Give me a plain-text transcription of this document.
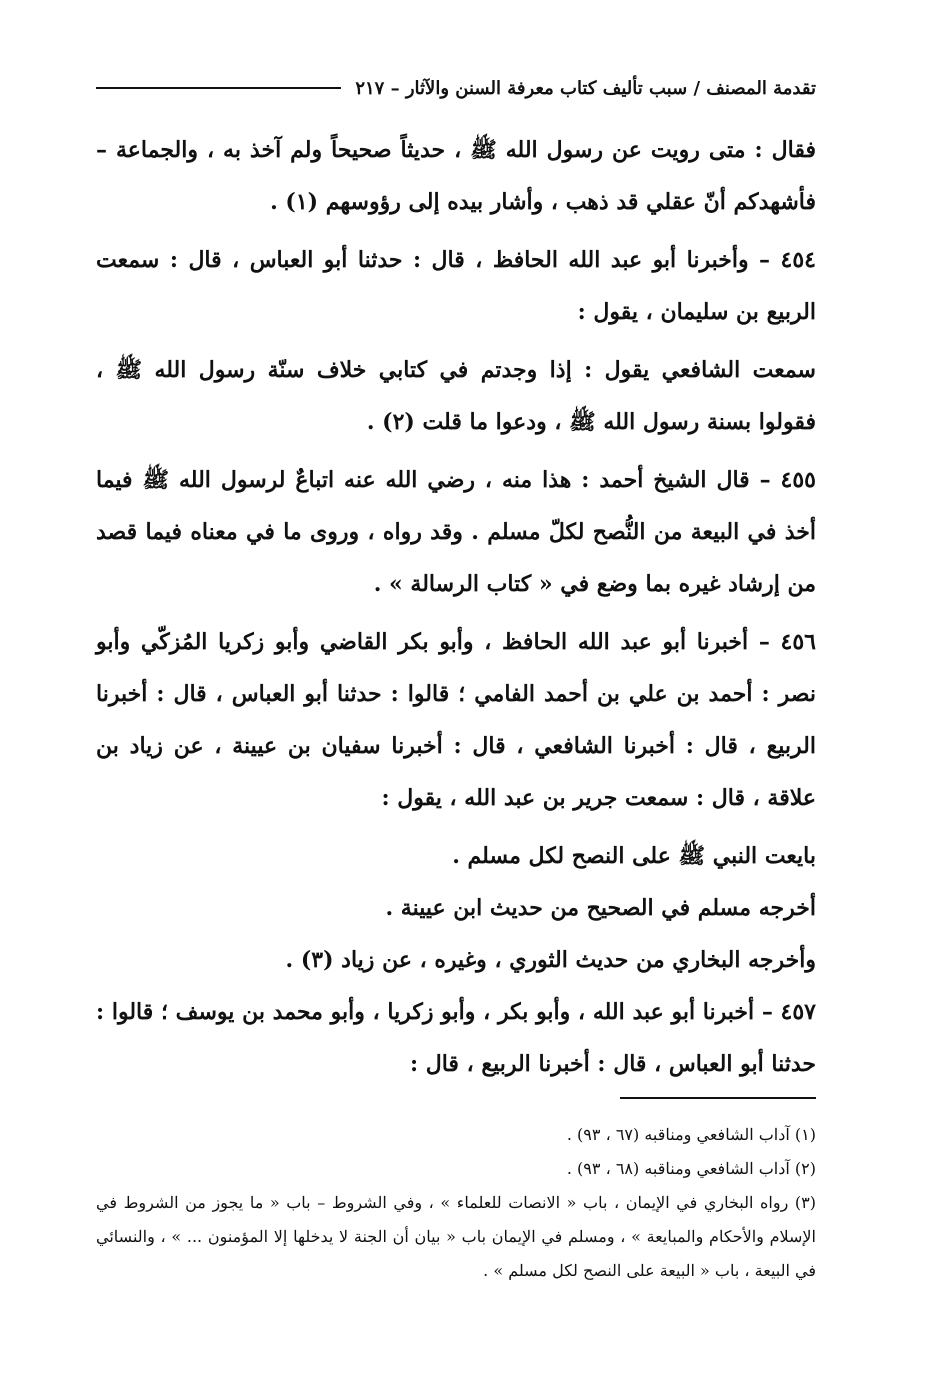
تقدمة المصنف / سبب تأليف كتاب معرفة السنن والآثار – ٢١٧

فقال : متى رويت عن رسول الله ﷺ ، حديثاً صحيحاً ولم آخذ به ، والجماعة – فأشهدكم أنّ عقلي قد ذهب ، وأشار بيده إلى رؤوسهم (١) .

٤٥٤ – وأخبرنا أبو عبد الله الحافظ ، قال : حدثنا أبو العباس ، قال : سمعت الربيع بن سليمان ، يقول :

سمعت الشافعي يقول : إذا وجدتم في كتابي خلاف سنّة رسول الله ﷺ ، فقولوا بسنة رسول الله ﷺ ، ودعوا ما قلت (٢) .

٤٥٥ – قال الشيخ أحمد : هذا منه ، رضي الله عنه اتباعٌ لرسول الله ﷺ فيما أخذ في البيعة من النُّصح لكلّ مسلم . وقد رواه ، وروى ما في معناه فيما قصد من إرشاد غيره بما وضع في « كتاب الرسالة » .

٤٥٦ – أخبرنا أبو عبد الله الحافظ ، وأبو بكر القاضي وأبو زكريا المُزكّي وأبو نصر : أحمد بن علي بن أحمد الفامي ؛ قالوا : حدثنا أبو العباس ، قال : أخبرنا الربيع ، قال : أخبرنا الشافعي ، قال : أخبرنا سفيان بن عيينة ، عن زياد بن علاقة ، قال : سمعت جرير بن عبد الله ، يقول :

بايعت النبي ﷺ على النصح لكل مسلم .

أخرجه مسلم في الصحيح من حديث ابن عيينة .

وأخرجه البخاري من حديث الثوري ، وغيره ، عن زياد (٣) .

٤٥٧ – أخبرنا أبو عبد الله ، وأبو بكر ، وأبو زكريا ، وأبو محمد بن يوسف ؛ قالوا : حدثنا أبو العباس ، قال : أخبرنا الربيع ، قال :

(١) آداب الشافعي ومناقبه (٦٧ ، ٩٣) .

(٢) آداب الشافعي ومناقبه (٦٨ ، ٩٣) .

(٣) رواه البخاري في الإيمان ، باب « الانصات للعلماء » ، وفي الشروط – باب « ما يجوز من الشروط في الإسلام والأحكام والمبايعة » ، ومسلم في الإيمان باب « بيان أن الجنة لا يدخلها إلا المؤمنون ... » ، والنسائي في البيعة ، باب « البيعة على النصح لكل مسلم » .
